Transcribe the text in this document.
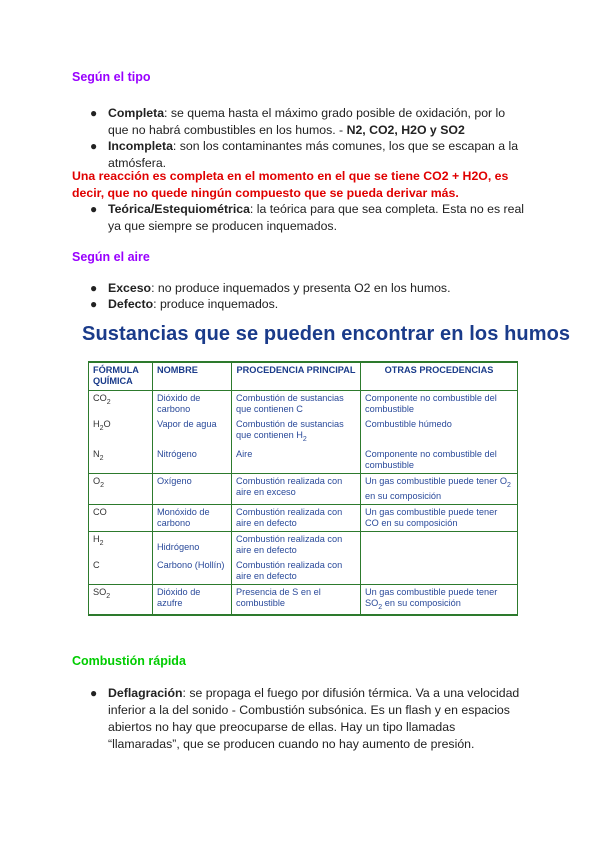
Según el tipo
● Completa: se quema hasta el máximo grado posible de oxidación, por lo que no habrá combustibles en los humos. - N2, CO2, H2O y SO2
● Incompleta: son los contaminantes más comunes, los que se escapan a la atmósfera.
Una reacción es completa en el momento en el que se tiene CO2 + H2O, es decir, que no quede ningún compuesto que se pueda derivar más.
● Teórica/Estequiométrica: la teórica para que sea completa. Esta no es real ya que siempre se producen inquemados.
Según el aire
● Exceso: no produce inquemados y presenta O2 en los humos.
● Defecto: produce inquemados.
Sustancias que se pueden encontrar en los humos
FÓRMULA QUÍMICA	NOMBRE	PROCEDENCIA PRINCIPAL	OTRAS PROCEDENCIAS
$CO_2$	Dióxido de carbono	Combustión de sustancias que contienen C	Componente no combustible del combustible
$H_2O$	Vapor de agua	Combustión de sustancias que contienen $H_2$	Combustible húmedo
$N_2$	Nitrógeno	Aire	Componente no combustible del combustible
$O_2$	Oxígeno	Combustión realizada con aire en exceso	Un gas combustible puede tener $O_2$ en su composición
CO	Monóxido de carbono	Combustión realizada con aire en defecto	Un gas combustible puede tener CO en su composición
$H_2$	Hidrógeno	Combustión realizada con aire en defecto	
C	Carbono (Hollín)	Combustión realizada con aire en defecto	
$SO_2$	Dióxido de azufre	Presencia de S en el combustible	Un gas combustible puede tener $SO_2$ en su composición
Combustión rápida
● Deflagración: se propaga el fuego por difusión térmica. Va a una velocidad inferior a la del sonido - Combustión subsónica. Es un flash y en espacios abiertos no hay que preocuparse de ellas. Hay un tipo llamadas “llamaradas”, que se producen cuando no hay aumento de presión.
